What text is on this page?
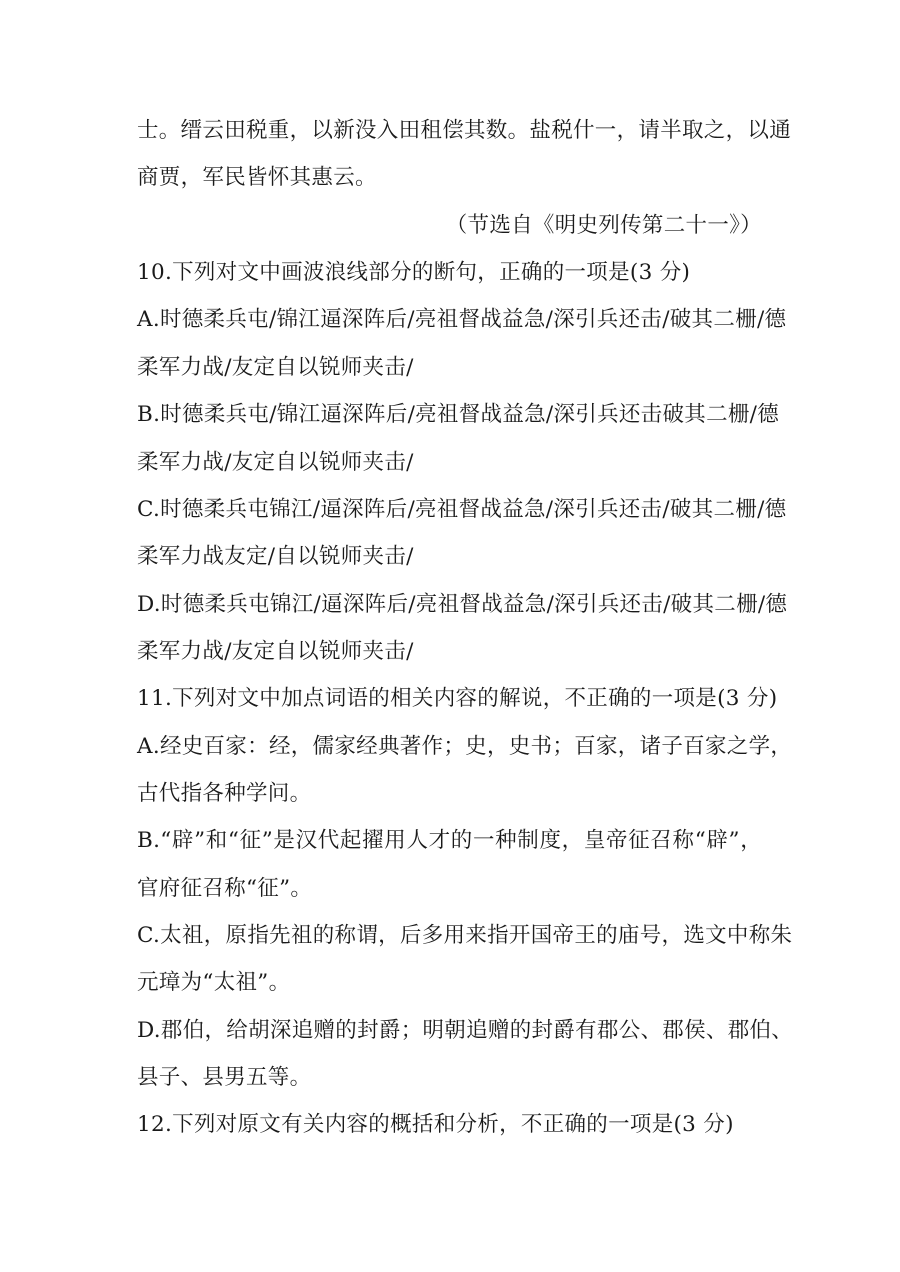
士。缙云田税重，以新没入田租偿其数。盐税什一，请半取之，以通
商贾，军民皆怀其惠云。
（节选自《明史列传第二十一》）
10.下列对文中画波浪线部分的断句，正确的一项是(3 分)
A.时德柔兵屯/锦江逼深阵后/亮祖督战益急/深引兵还击/破其二栅/德
柔军力战/友定自以锐师夹击/
B.时德柔兵屯/锦江逼深阵后/亮祖督战益急/深引兵还击破其二栅/德
柔军力战/友定自以锐师夹击/
C.时德柔兵屯锦江/逼深阵后/亮祖督战益急/深引兵还击/破其二栅/德
柔军力战友定/自以锐师夹击/
D.时德柔兵屯锦江/逼深阵后/亮祖督战益急/深引兵还击/破其二栅/德
柔军力战/友定自以锐师夹击/
11.下列对文中加点词语的相关内容的解说，不正确的一项是(3 分)
A.经史百家：经，儒家经典著作；史，史书；百家，诸子百家之学，
古代指各种学问。
B.“辟”和“征”是汉代起擢用人才的一种制度，皇帝征召称“辟”，
官府征召称“征”。
C.太祖，原指先祖的称谓，后多用来指开国帝王的庙号，选文中称朱
元璋为“太祖”。
D.郡伯，给胡深追赠的封爵；明朝追赠的封爵有郡公、郡侯、郡伯、
县子、县男五等。
12.下列对原文有关内容的概括和分析，不正确的一项是(3 分)
